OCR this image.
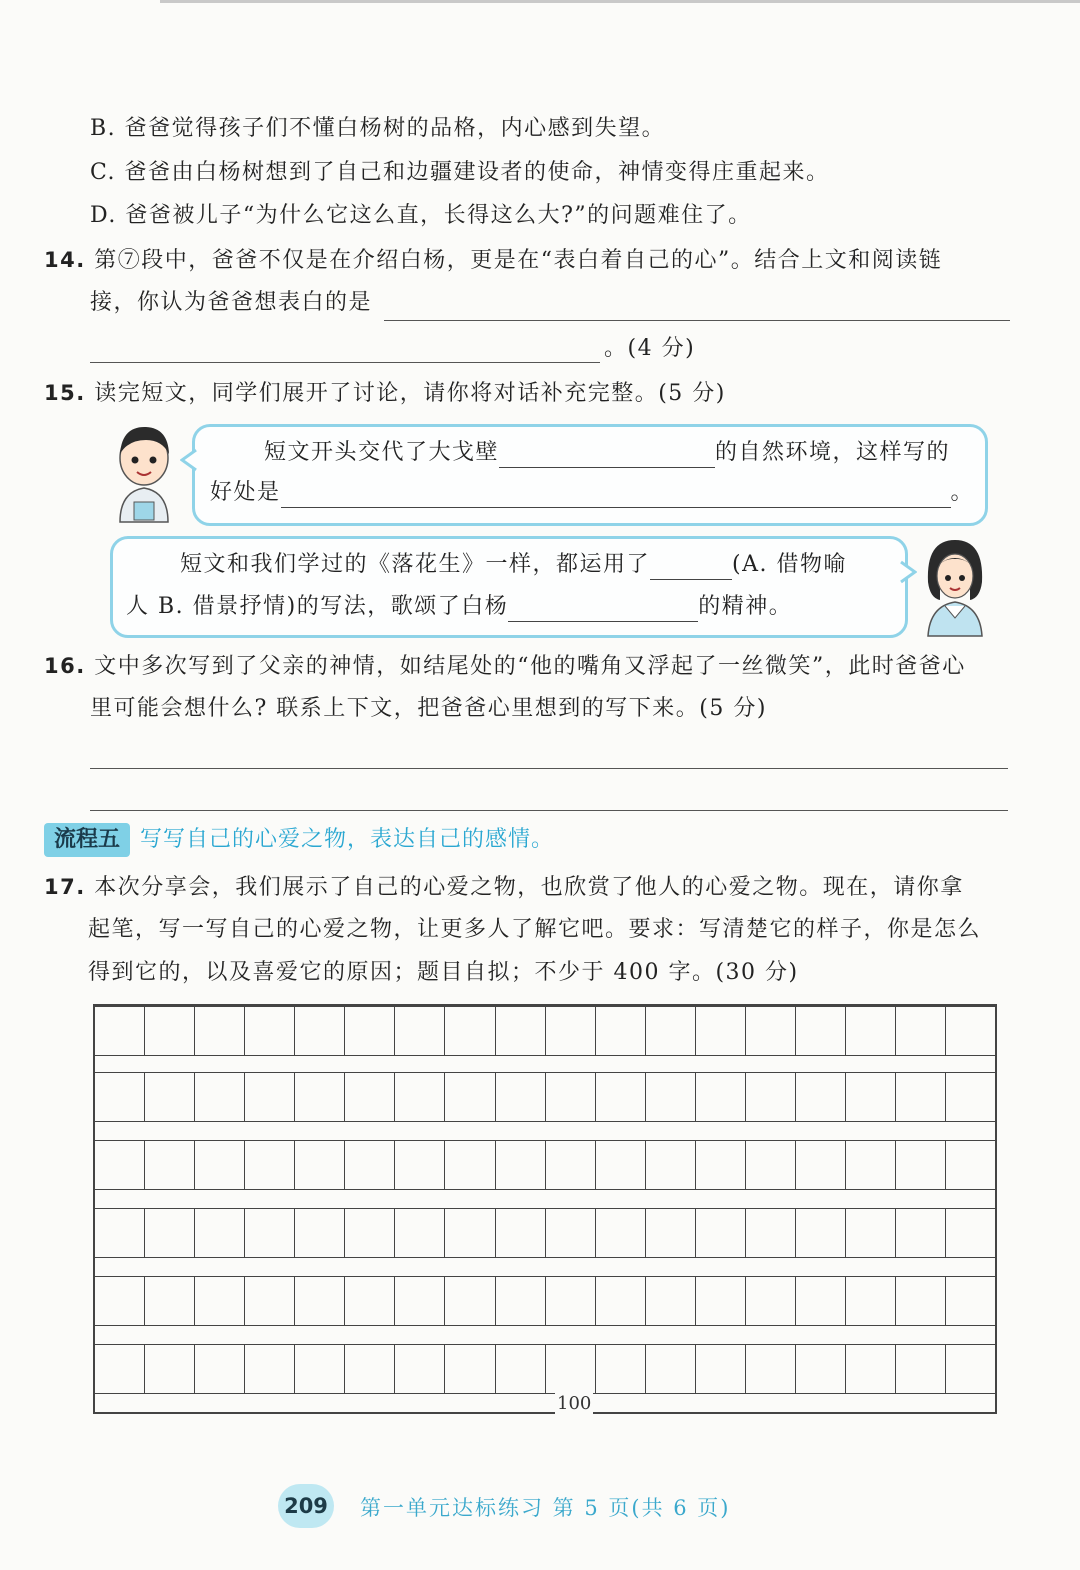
B. 爸爸觉得孩子们不懂白杨树的品格，内心感到失望。
C. 爸爸由白杨树想到了自己和边疆建设者的使命，神情变得庄重起来。
D. 爸爸被儿子“为什么它这么直，长得这么大?”的问题难住了。
14. 第⑦段中，爸爸不仅是在介绍白杨，更是在“表白着自己的心”。结合上文和阅读链
接，你认为爸爸想表白的是
。(4 分)
15. 读完短文，同学们展开了讨论，请你将对话补充完整。(5 分)
短文开头交代了大戈壁	的自然环境，这样写的
好处是	。
短文和我们学过的《落花生》一样，都运用了	(A. 借物喻
人 B. 借景抒情)的写法，歌颂了白杨	的精神。
16. 文中多次写到了父亲的神情，如结尾处的“他的嘴角又浮起了一丝微笑”，此时爸爸心
里可能会想什么? 联系上下文，把爸爸心里想到的写下来。(5 分)
流程五 写写自己的心爱之物，表达自己的感情。
17. 本次分享会，我们展示了自己的心爱之物，也欣赏了他人的心爱之物。现在，请你拿
起笔，写一写自己的心爱之物，让更多人了解它吧。要求：写清楚它的样子，你是怎么
得到它的，以及喜爱它的原因；题目自拟；不少于 400 字。(30 分)
100
209 第一单元达标练习 第 5 页(共 6 页)
